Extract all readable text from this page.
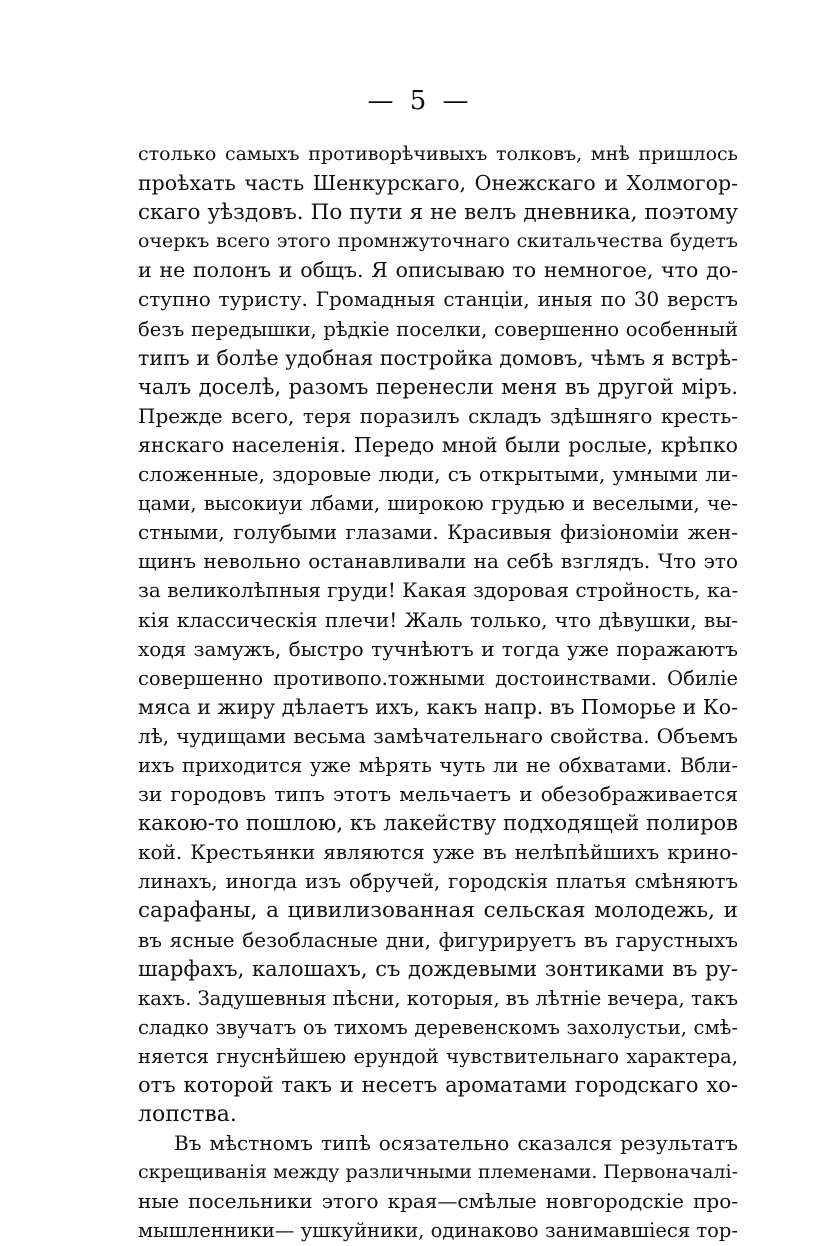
— 5 —
столько самыхъ противорѣчивыхъ толковъ, мнѣ пришлось
проѣхать часть Шенкурскаго, Онежскаго и Холмогор-
скаго уѣздовъ. По пути я не велъ дневника, поэтому
очеркъ всего этого промнжуточнаго скитальчества будетъ
и не полонъ и общъ. Я описываю то немногое, что до-
ступно туристу. Громадныя станціи, иныя по 30 верстъ
безъ передышки, рѣдкіе поселки, совершенно особенный
типъ и болѣе удобная постройка домовъ, чѣмъ я встрѣ-
чалъ доселѣ, разомъ перенесли меня въ другой міръ.
Прежде всего, теря поразилъ складъ здѣшняго кресть-
янскаго населенія. Передо мной были рослые, крѣпко
сложенные, здоровые люди, съ открытыми, умными ли-
цами, высокиуи лбами, широкою грудью и веселыми, че-
стными, голубыми глазами. Красивыя физіономіи жен-
щинъ невольно останавливали на себѣ взглядъ. Что это
за великолѣпныя груди! Какая здоровая стройность, ка-
кія классическія плечи! Жаль только, что дѣвушки, вы-
ходя замужъ, быстро тучнѣютъ и тогда уже поражаютъ
совершенно противопо.тожными достоинствами. Обиліе
мяса и жиру дѣлаетъ ихъ, какъ напр. въ Поморье и Ко-
лѣ, чудищами весьма замѣчательнаго свойства. Объемъ
ихъ приходится уже мѣрять чуть ли не обхватами. Вбли-
зи городовъ типъ этотъ мельчаетъ и обезображивается
какою-то пошлою, къ лакейству подходящей полиров
кой. Крестьянки являются уже въ нелѣпѣйшихъ крино-
линахъ, иногда изъ обручей, городскія платья смѣняютъ
сарафаны, а цивилизованная сельская молодежь, и
въ ясные безобласные дни, фигурируетъ въ гарустныхъ
шарфахъ, калошахъ, съ дождевыми зонтиками въ ру-
кахъ. Задушевныя пѣсни, которыя, въ лѣтніе вечера, такъ
сладко звучатъ оъ тихомъ деревенскомъ захолустьи, смѣ-
няется гнуснѣйшею ерундой чувствительнаго характера,
отъ которой такъ и несетъ ароматами городскаго хо-
лопства.
Въ мѣстномъ типѣ осязательно сказался результатъ
скрещиванія между различными племенами. Первоначалі-
ные посельники этого края—смѣлые новгородскіе про-
мышленники— ушкуйники, одинаково занимавшіеся тор-
